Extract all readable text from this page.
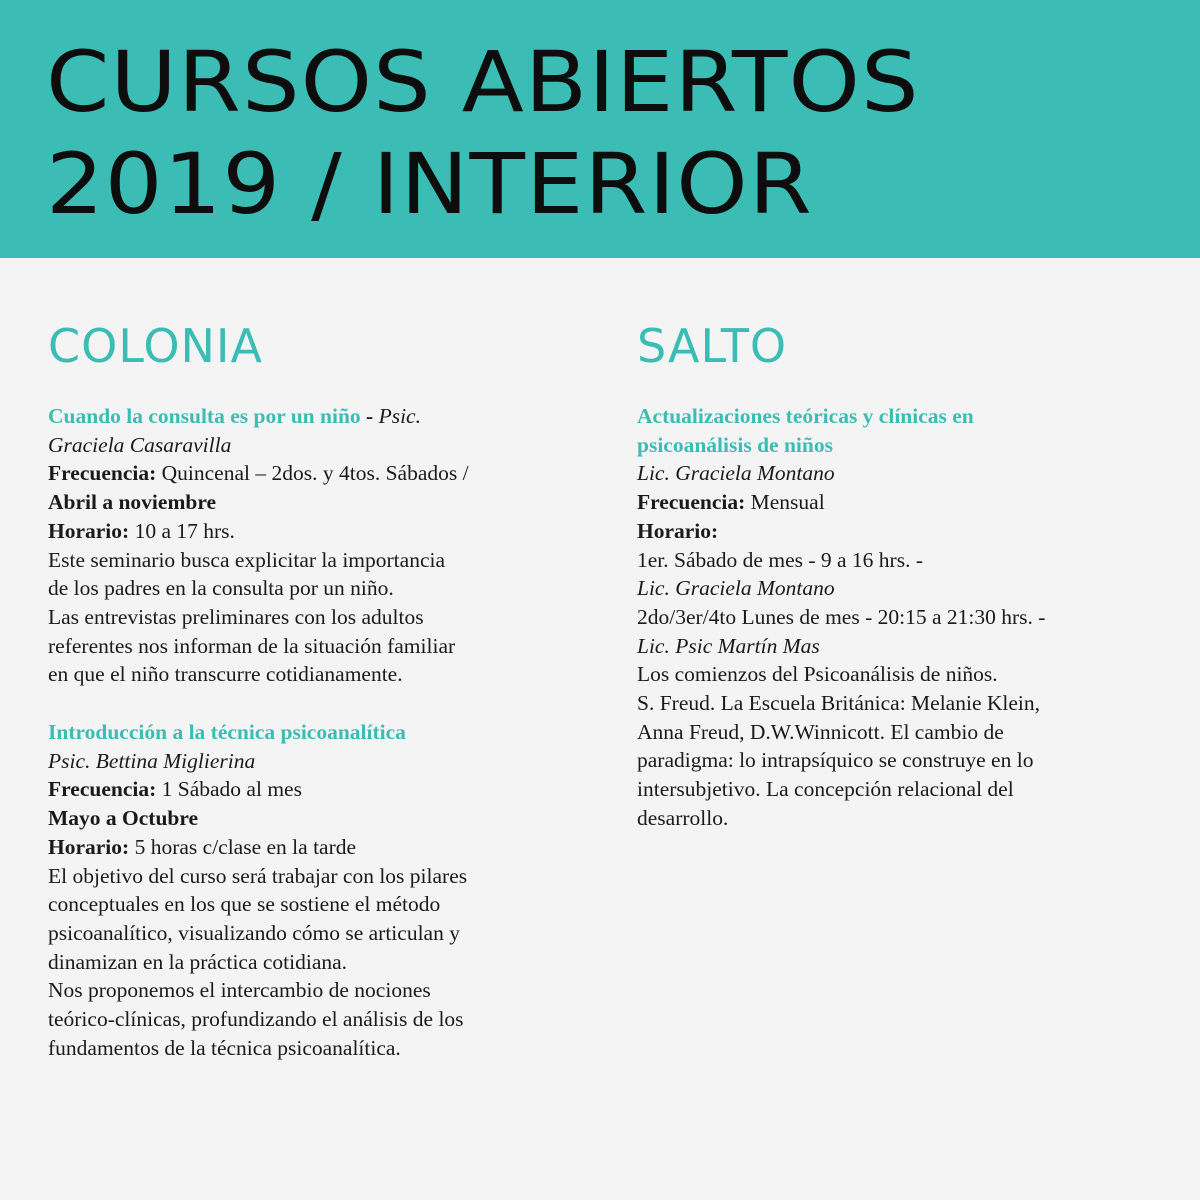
CURSOS ABIERTOS
2019 / INTERIOR
COLONIA
Cuando la consulta es por un niño - Psic.
Graciela Casaravilla
Frecuencia: Quincenal – 2dos. y 4tos. Sábados /
Abril a noviembre
Horario: 10 a 17 hrs.
Este seminario busca explicitar la importancia
de los padres en la consulta por un niño.
Las entrevistas preliminares con los adultos
referentes nos informan de la situación familiar
en que el niño transcurre cotidianamente.
Introducción a la técnica psicoanalítica
Psic. Bettina Miglierina
Frecuencia: 1 Sábado al mes
Mayo a Octubre
Horario: 5 horas c/clase en la tarde
El objetivo del curso será trabajar con los pilares
conceptuales en los que se sostiene el método
psicoanalítico, visualizando cómo se articulan y
dinamizan en la práctica cotidiana.
Nos proponemos el intercambio de nociones
teórico-clínicas, profundizando el análisis de los
fundamentos de la técnica psicoanalítica.
SALTO
Actualizaciones teóricas y clínicas en
psicoanálisis de niños
Lic. Graciela Montano
Frecuencia: Mensual
Horario:
1er. Sábado de mes - 9 a 16 hrs. -
Lic. Graciela Montano
2do/3er/4to Lunes de mes - 20:15 a 21:30 hrs. -
Lic. Psic Martín Mas
Los comienzos del Psicoanálisis de niños.
S. Freud. La Escuela Británica: Melanie Klein,
Anna Freud, D.W.Winnicott. El cambio de
paradigma: lo intrapsíquico se construye en lo
intersubjetivo. La concepción relacional del
desarrollo.
